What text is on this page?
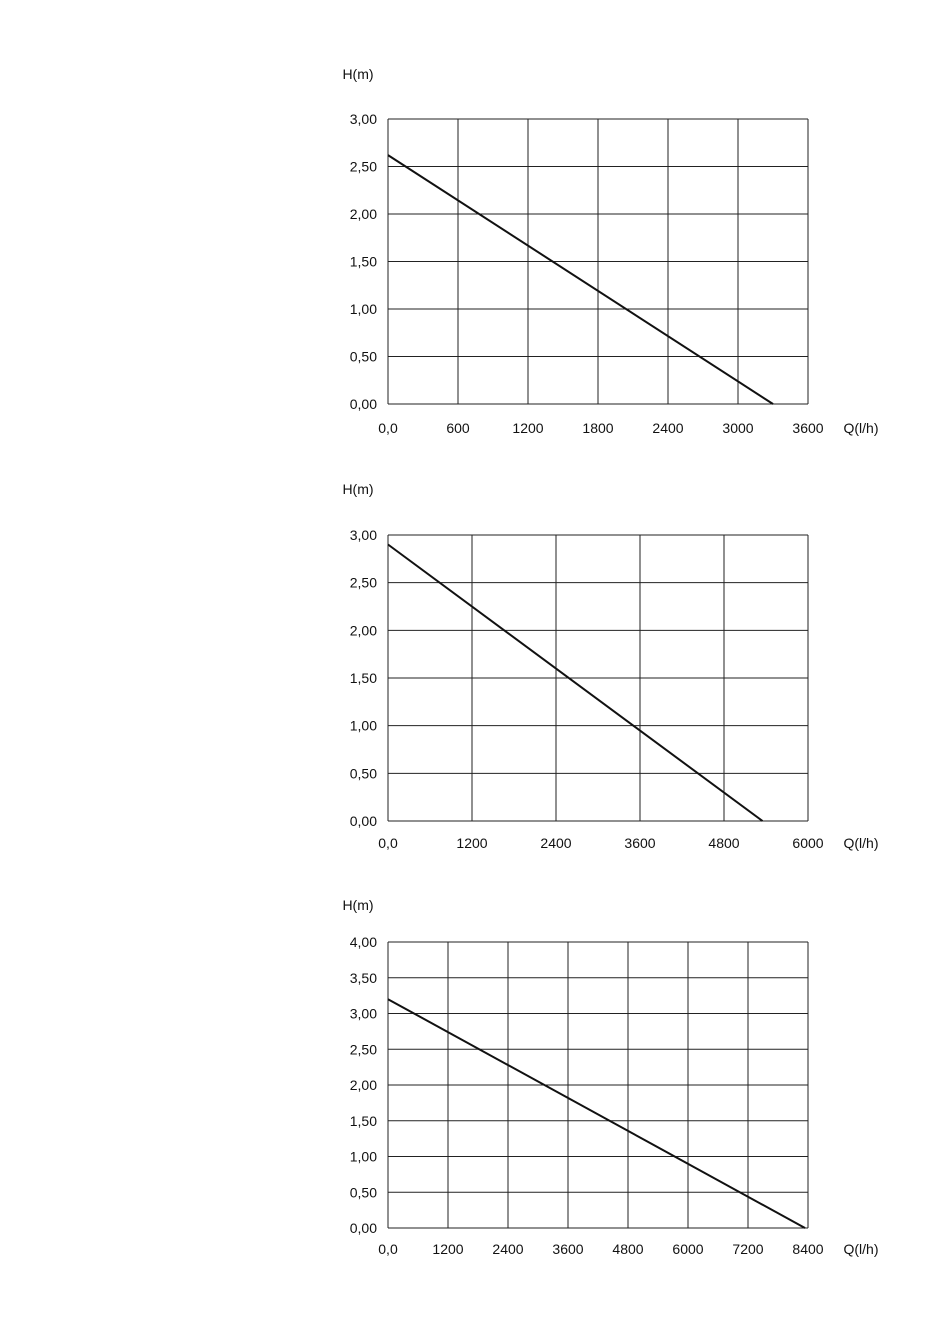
0,00
0,50
1,00
1,50
2,00
2,50
3,00
0,0	600	1200	1800	2400	3000	3600
H(m)
Q(l/h)
0,00
0,50
1,00
1,50
2,00
2,50
3,00
0,0	1200	2400	3600	4800	6000
H(m)
Q(l/h)
0,00
0,50
1,00
1,50
2,00
2,50
3,00
3,50
4,00
0,0 1200 2400 3600 4800 6000 7200 8400
H(m)
Q(l/h)
